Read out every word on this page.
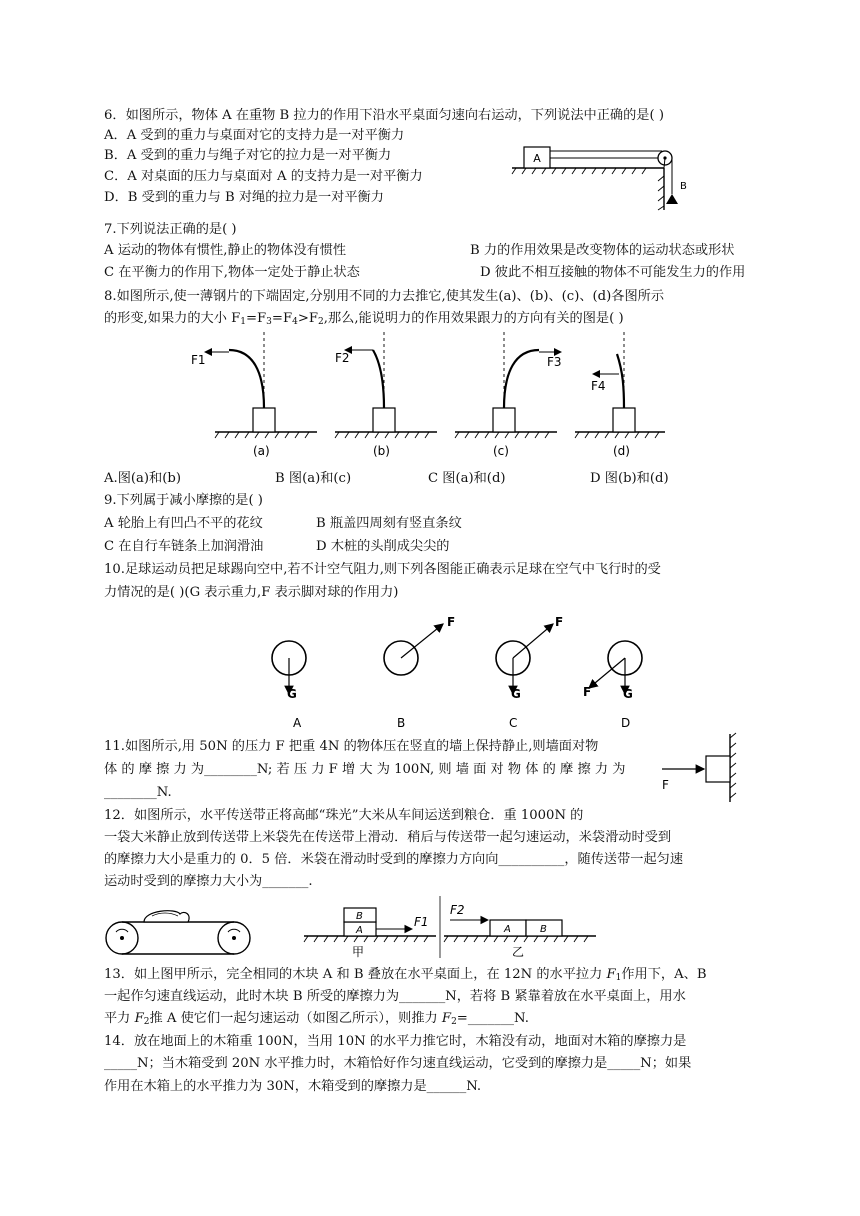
6．如图所示，物体 A 在重物 B 拉力的作用下沿水平桌面匀速向右运动，下列说法中正确的是( )
A．A 受到的重力与桌面对它的支持力是一对平衡力
B．A 受到的重力与绳子对它的拉力是一对平衡力
C．A 对桌面的压力与桌面对 A 的支持力是一对平衡力
D．B 受到的重力与 B 对绳的拉力是一对平衡力
A
B
7.下列说法正确的是( )
A 运动的物体有惯性,静止的物体没有惯性	B 力的作用效果是改变物体的运动状态或形状
C 在平衡力的作用下,物体一定处于静止状态	D 彼此不相互接触的物体不可能发生力的作用
8.如图所示,使一薄钢片的下端固定,分别用不同的力去推它,使其发生(a)、(b)、(c)、(d)各图所示
的形变,如果力的大小 $F_1=F_3=F_4>F_2$,那么,能说明力的作用效果跟力的方向有关的图是( )
F1
(a)
F2
(b)
F3
(c)
F4
(d)
A.图(a)和(b)	B 图(a)和(c)	C 图(a)和(d)	D 图(b)和(d)
9.下列属于减小摩擦的是( )
A 轮胎上有凹凸不平的花纹	B 瓶盖四周刻有竖直条纹
C 在自行车链条上加润滑油	D 木桩的头削成尖尖的
10.足球运动员把足球踢向空中,若不计空气阻力,则下列各图能正确表示足球在空气中飞行时的受
力情况的是( )(G 表示重力,F 表示脚对球的作用力)
G
A
F
B
G
F
C
G
F
D
11.如图所示,用 50N 的压力 F 把重 4N 的物体压在竖直的墙上保持静止,则墙面对物
体 的 摩 擦 力 为________N; 若 压 力 F 增 大 为 100N, 则 墙 面 对 物 体 的 摩 擦 力 为
________N.	F
12．如图所示，水平传送带正将高邮“珠光”大米从车间运送到粮仓．重 1000N 的
一袋大米静止放到传送带上米袋先在传送带上滑动．稍后与传送带一起匀速运动，米袋滑动时受到
的摩擦力大小是重力的 0．5 倍．米袋在滑动时受到的摩擦力方向向__________，随传送带一起匀速
运动时受到的摩擦力大小为_______.
B
A
F1
甲
A	B
F2
乙
13．如上图甲所示，完全相同的木块 A 和 B 叠放在水平桌面上，在 12N 的水平拉力 $F_1$作用下，A、B
一起作匀速直线运动，此时木块 B 所受的摩擦力为_______N，若将 B 紧靠着放在水平桌面上，用水
平力 $F_2$推 A 使它们一起匀速运动（如图乙所示），则推力 $F_2=\_\_\_\_\_\_\_N$.
14．放在地面上的木箱重 100N，当用 10N 的水平力推它时，木箱没有动，地面对木箱的摩擦力是
_____N；当木箱受到 20N 水平推力时，木箱恰好作匀速直线运动，它受到的摩擦力是_____N；如果
作用在木箱上的水平推力为 30N，木箱受到的摩擦力是______N.
